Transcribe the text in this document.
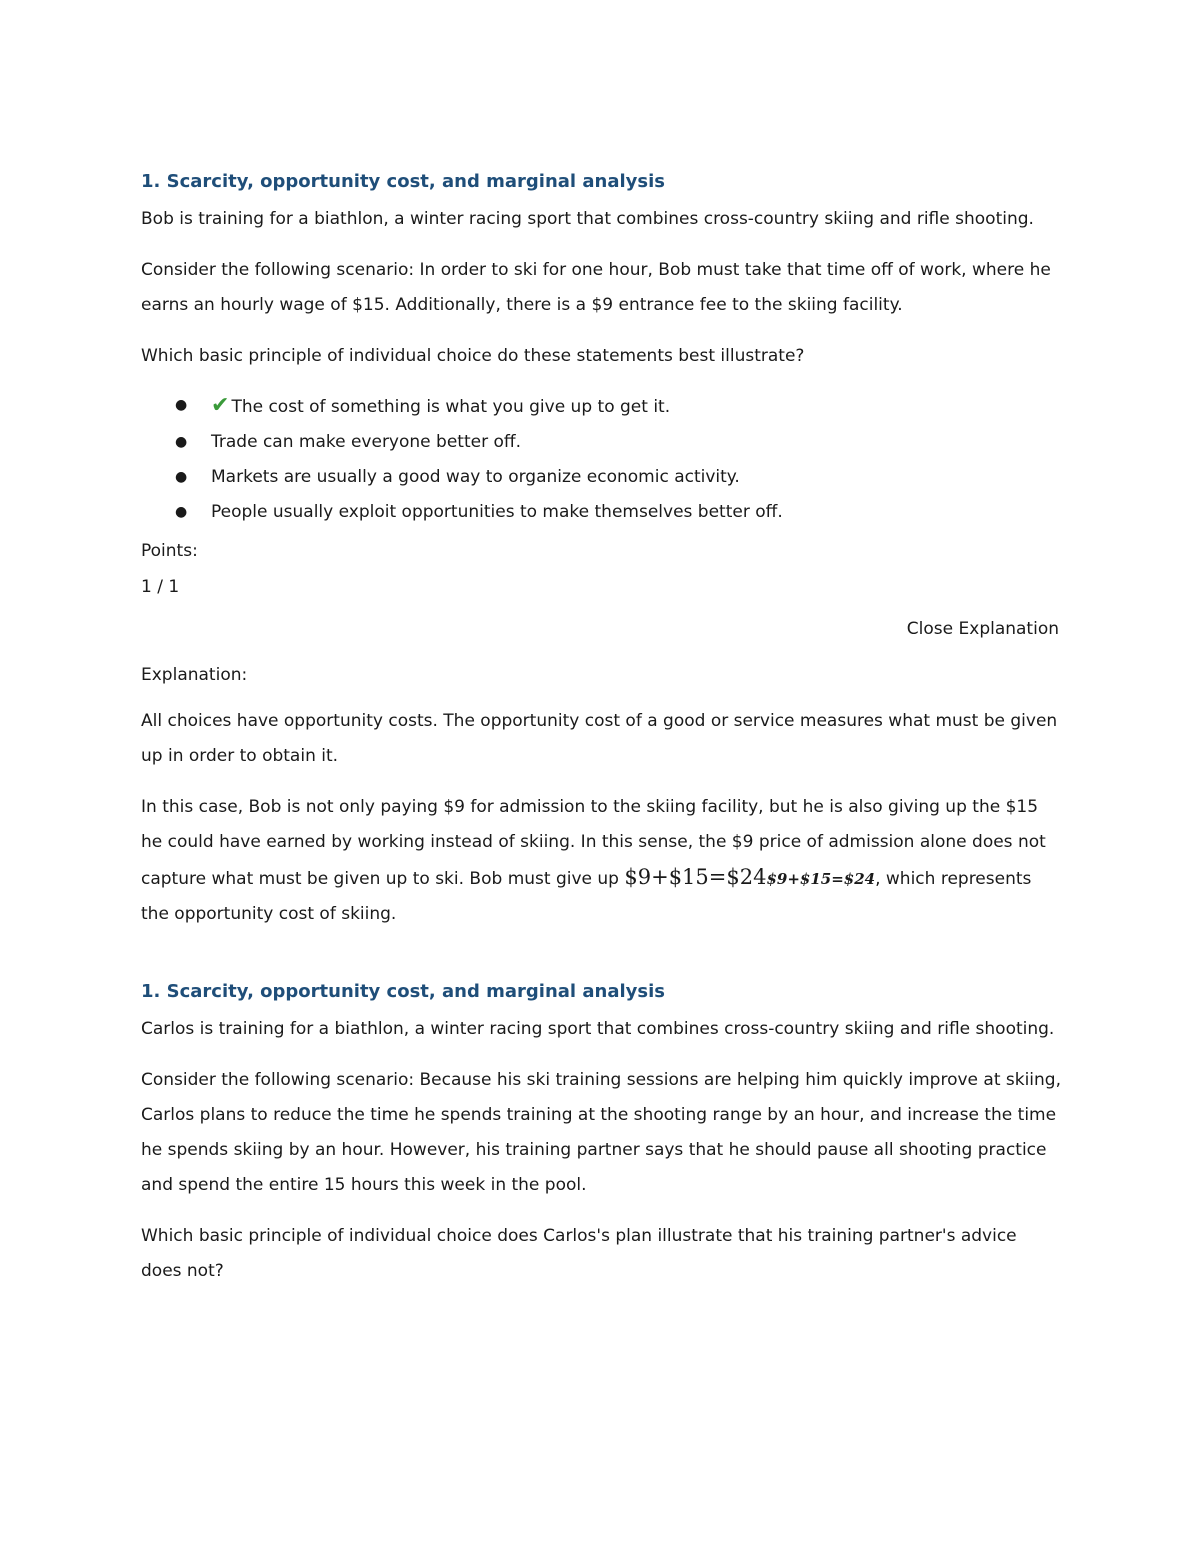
1. Scarcity, opportunity cost, and marginal analysis

Bob is training for a biathlon, a winter racing sport that combines cross-country skiing and rifle shooting.

Consider the following scenario: In order to ski for one hour, Bob must take that time off of work, where he earns an hourly wage of $15. Additionally, there is a $9 entrance fee to the skiing facility.

Which basic principle of individual choice do these statements best illustrate?

● ✔ The cost of something is what you give up to get it.
● Trade can make everyone better off.
● Markets are usually a good way to organize economic activity.
● People usually exploit opportunities to make themselves better off.

Points:

1 / 1

Close Explanation

Explanation:

All choices have opportunity costs. The opportunity cost of a good or service measures what must be given up in order to obtain it.

In this case, Bob is not only paying $9 for admission to the skiing facility, but he is also giving up the $15 he could have earned by working instead of skiing. In this sense, the $9 price of admission alone does not capture what must be given up to ski. Bob must give up $9+$15=$24$9+$15=$24, which represents the opportunity cost of skiing.

1. Scarcity, opportunity cost, and marginal analysis

Carlos is training for a biathlon, a winter racing sport that combines cross-country skiing and rifle shooting.

Consider the following scenario: Because his ski training sessions are helping him quickly improve at skiing, Carlos plans to reduce the time he spends training at the shooting range by an hour, and increase the time he spends skiing by an hour. However, his training partner says that he should pause all shooting practice and spend the entire 15 hours this week in the pool.

Which basic principle of individual choice does Carlos's plan illustrate that his training partner's advice does not?
